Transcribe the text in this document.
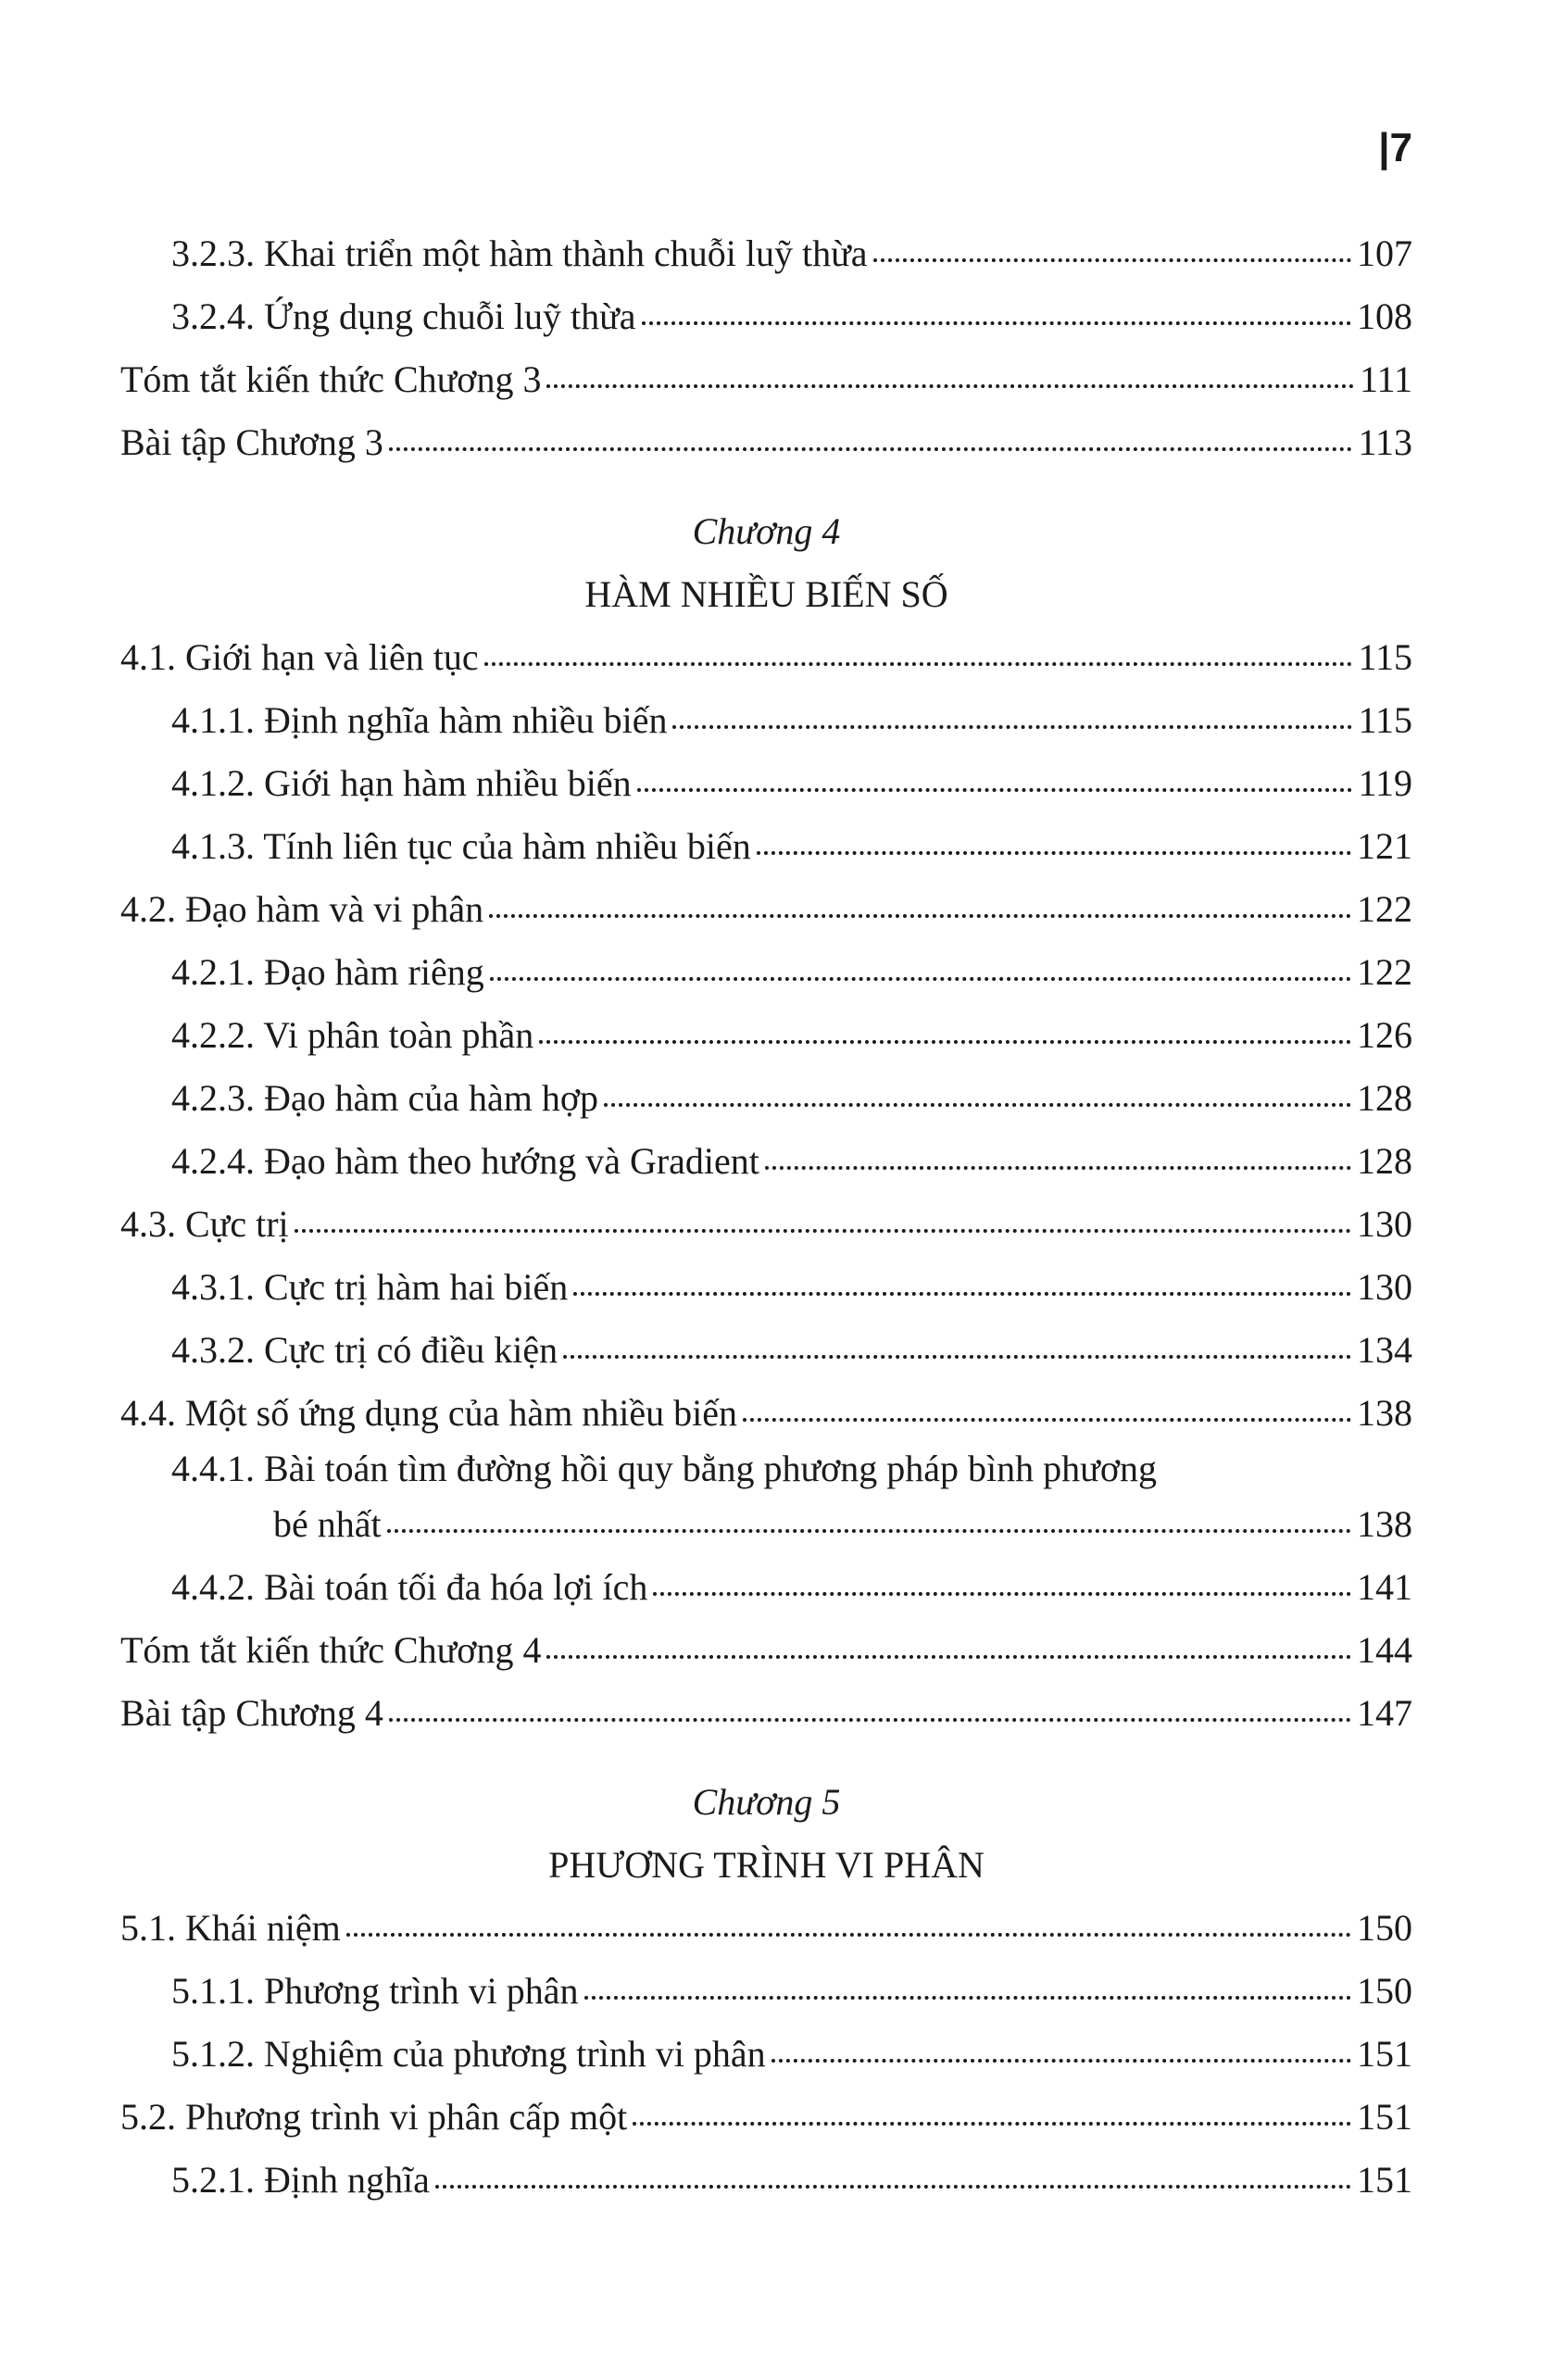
|7
3.2.3. Khai triển một hàm thành chuỗi luỹ thừa	107
3.2.4. Ứng dụng chuỗi luỹ thừa	108
Tóm tắt kiến thức Chương 3	111
Bài tập Chương 3	113
Chương 4
HÀM NHIỀU BIẾN SỐ
4.1. Giới hạn và liên tục	115
4.1.1. Định nghĩa hàm nhiều biến	115
4.1.2. Giới hạn hàm nhiều biến	119
4.1.3. Tính liên tục của hàm nhiều biến	121
4.2. Đạo hàm và vi phân	122
4.2.1. Đạo hàm riêng	122
4.2.2. Vi phân toàn phần	126
4.2.3. Đạo hàm của hàm hợp	128
4.2.4. Đạo hàm theo hướng và Gradient	128
4.3. Cực trị	130
4.3.1. Cực trị hàm hai biến	130
4.3.2. Cực trị có điều kiện	134
4.4. Một số ứng dụng của hàm nhiều biến	138
4.4.1. Bài toán tìm đường hồi quy bằng phương pháp bình phương
bé nhất	138
4.4.2. Bài toán tối đa hóa lợi ích	141
Tóm tắt kiến thức Chương 4	144
Bài tập Chương 4	147
Chương 5
PHƯƠNG TRÌNH VI PHÂN
5.1. Khái niệm	150
5.1.1. Phương trình vi phân	150
5.1.2. Nghiệm của phương trình vi phân	151
5.2. Phương trình vi phân cấp một	151
5.2.1. Định nghĩa	151
